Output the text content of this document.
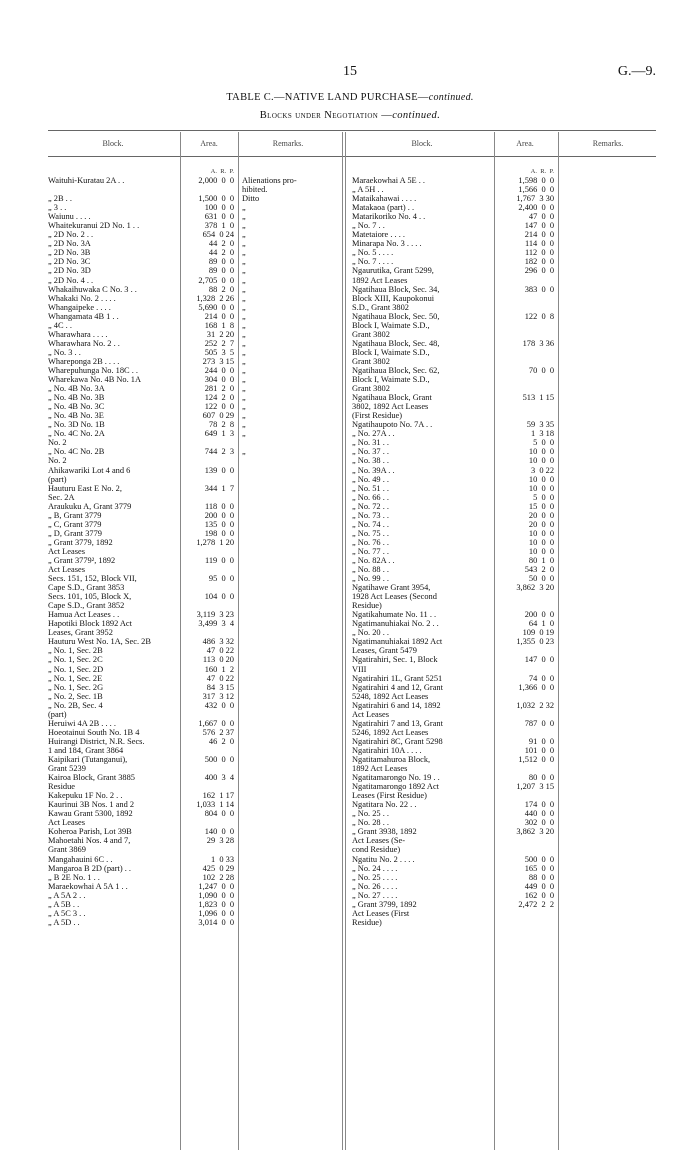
15	G.—9.
TABLE C.—NATIVE LAND PURCHASE—continued.
Blocks under Negotiation —continued.
Block.	Area.	Remarks.	Block.	Area.	Remarks.
A. R. P.
Waituhi-Kuratau 2A . .	2,000  0  0 Alienations pro-
hibited.
„ 2B . .	1,500  0  0 Ditto
„ 3 . .	100  0  0 „
Waiunu . . . .	631  0  0 „
Whaitekuranui 2D No. 1 . .	378  1  0 „
„ 2D No. 2 . .	654  0 24 „
„ 2D No. 3A	44  2  0 „
„ 2D No. 3B	44  2  0 „
„ 2D No. 3C	89  0  0 „
„ 2D No. 3D	89  0  0 „
„ 2D No. 4 . .	2,705  0  0 „
Whakaihuwaka C No. 3 . .	88  2  0 „
Whakaki No. 2 . . . .	1,328  2 26 „
Whangaipeke . . . .	5,690  0  0 „
Whangamata 4B 1 . .	214  0  0 „
„ 4C . .	168  1  8 „
Wharawhara . . . .	31  2 20 „
Wharawhara No. 2 . .	252  2  7 „
„ No. 3 . .	505  3  5 „
Whareponga 2B . . . .	273  3 15 „
Wharepuhunga No. 18C . .	244  0  0 „
Wharekawa No. 4B No. 1A	304  0  0 „
„ No. 4B No. 3A	281  2  0 „
„ No. 4B No. 3B	124  2  0 „
„ No. 4B No. 3C	122  0  0 „
„ No. 4B No. 3E	607  0 29 „
„ No. 3D No. 1B	78  2  8 „
„ No. 4C No. 2A	649  1  3 „
No. 2
„ No. 4C No. 2B	744  2  3 „
No. 2
Ahikawariki Lot 4 and 6	139  0  0
(part)
Hauturu East E No. 2,	344  1  7
Sec. 2A
Araukuku A, Grant 3779	118  0  0
„ B, Grant 3779	200  0  0
„ C, Grant 3779	135  0  0
„ D, Grant 3779	198  0  0
„ Grant 3779, 1892	1,278  1 20
Act Leases
„ Grant 3779², 1892	119  0  0
Act Leases
Secs. 151, 152, Block VII,	95  0  0
Cape S.D., Grant 3853
Secs. 101, 105, Block X,	104  0  0
Cape S.D., Grant 3852
Hamua Act Leases . .	3,119  3 23
Hapotiki Block 1892 Act	3,499  3  4
Leases, Grant 3952
Hauturu West No. 1A, Sec. 2B	486  3 32
„ No. 1, Sec. 2B	47  0 22
„ No. 1, Sec. 2C	113  0 20
„ No. 1, Sec. 2D	160  1  2
„ No. 1, Sec. 2E	47  0 22
„ No. 1, Sec. 2G	84  3 15
„ No. 2, Sec. 1B	317  3 12
„ No. 2B, Sec. 4	432  0  0
(part)
Heruiwi 4A 2B . . . .	1,667  0  0
Hoeotainui South No. 1B 4	576  2 37
Huirangi District, N.R. Secs.	46  2  0
1 and 184, Grant 3864
Kaipikari (Tutanganui),	500  0  0
Grant 5239
Kairoa Block, Grant 3885	400  3  4
Residue
Kakepuku 1F No. 2 . .	162  1 17
Kaurinui 3B Nos. 1 and 2	1,033  1 14
Kawau Grant 5300, 1892	804  0  0
Act Leases
Koheroa Parish, Lot 39B	140  0  0
Mahoetahi Nos. 4 and 7,	29  3 28
Grant 3869
Mangahauini 6C . .	1  0 33
Mangaroa B 2D (part) . .	425  0 29
„ B 2E No. 1 . .	102  2 28
Maraekowhai A 5A 1 . .	1,247  0  0
„ A 5A 2 . .	1,090  0  0
„ A 5B . .	1,823  0  0
„ A 5C 3 . .	1,096  0  0
„ A 5D . .	3,014  0  0
A. R. P.
Maraekowhai A 5E . .	1,598  0  0
„ A 5H . .	1,566  0  0
Mataikahawai . . . .	1,767  3 30
Matakaoa (part) . .	2,400  0  0
Matarikoriko No. 4 . .	47  0  0
„ No. 7 . .	147  0  0
Matetaiore . . . .	214  0  0
Minarapa No. 3 . . . .	114  0  0
„ No. 5 . . . .	112  0  0
„ No. 7 . . . .	182  0  0
Ngaurutika, Grant 5299,	296  0  0
1892 Act Leases
Ngatihaua Block, Sec. 34,	383  0  0
Block XIII, Kaupokonui
S.D., Grant 3802
Ngatihaua Block, Sec. 50,	122  0  8
Block I, Waimate S.D.,
Grant 3802
Ngatihaua Block, Sec. 48,	178  3 36
Block I, Waimate S.D.,
Grant 3802
Ngatihaua Block, Sec. 62,	70  0  0
Block I, Waimate S.D.,
Grant 3802
Ngatihaua Block, Grant	513  1 15
3802, 1892 Act Leases
(First Residue)
Ngatihaupoto No. 7A . .	59  3 35
„ No. 27A . .	1  3 18
„ No. 31 . .	5  0  0
„ No. 37 . .	10  0  0
„ No. 38 . .	10  0  0
„ No. 39A . .	3  0 22
„ No. 49 . .	10  0  0
„ No. 51 . .	10  0  0
„ No. 66 . .	5  0  0
„ No. 72 . .	15  0  0
„ No. 73 . .	20  0  0
„ No. 74 . .	20  0  0
„ No. 75 . .	10  0  0
„ No. 76 . .	10  0  0
„ No. 77 . .	10  0  0
„ No. 82A . .	80  1  0
„ No. 88 . .	543  2  0
„ No. 99 . .	50  0  0
Ngatihawe Grant 3954,	3,862  3 20
1928 Act Leases (Second
Residue)
Ngatikahumate No. 11 . .	200  0  0
Ngatimanuhiakai No. 2 . .	64  1  0
„ No. 20 . .	109  0 19
Ngatimanuhiakai 1892 Act	1,355  0 23
Leases, Grant 5479
Ngatirahiri, Sec. 1, Block	147  0  0
VIII
Ngatirahiri 1L, Grant 5251	74  0  0
Ngatirahiri 4 and 12, Grant	1,366  0  0
5248, 1892 Act Leases
Ngatirahiri 6 and 14, 1892	1,032  2 32
Act Leases
Ngatirahiri 7 and 13, Grant	787  0  0
5246, 1892 Act Leases
Ngatirahiri 8C, Grant 5298	91  0  0
Ngatirahiri 10A . . . .	101  0  0
Ngatitamahuroa Block,	1,512  0  0
1892 Act Leases
Ngatitamarongo No. 19 . .	80  0  0
Ngatitamarongo 1892 Act	1,207  3 15
Leases (First Residue)
Ngatitara No. 22 . .	174  0  0
„ No. 25 . .	440  0  0
„ No. 28 . .	302  0  0
„ Grant 3938, 1892	3,862  3 20
Act Leases (Se-
cond Residue)
Ngatitu No. 2 . . . .	500  0  0
„ No. 24 . . . .	165  0  0
„ No. 25 . . . .	88  0  0
„ No. 26 . . . .	449  0  0
„ No. 27 . . . .	162  0  0
„ Grant 3799, 1892	2,472  2  2
Act Leases (First
Residue)
